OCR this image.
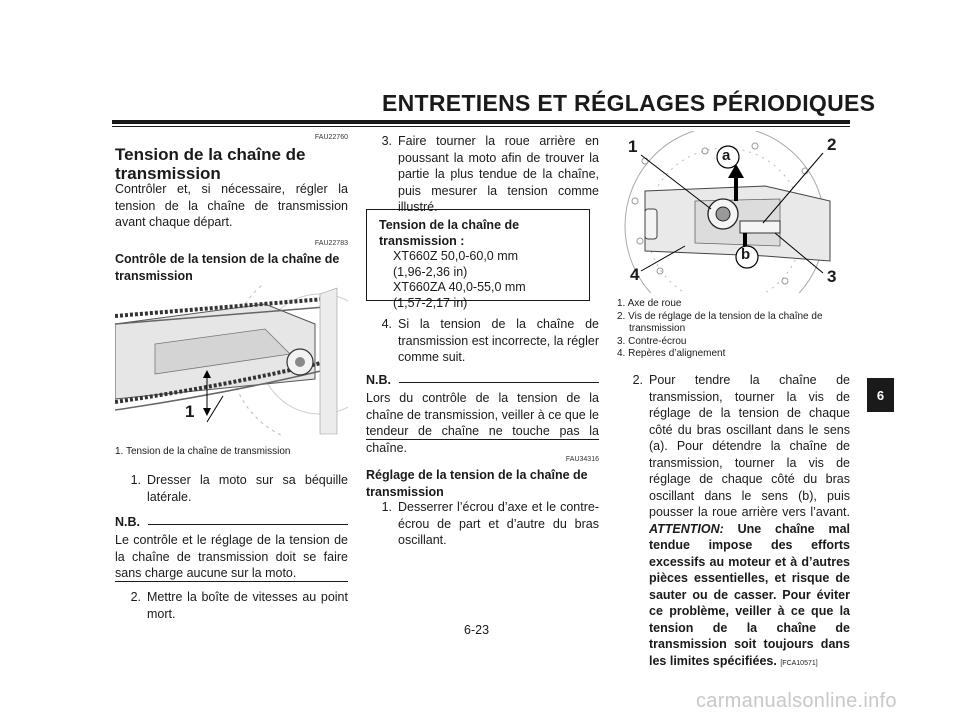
ENTRETIENS ET RÉGLAGES PÉRIODIQUES
6
FAU22760
Tension de la chaîne de transmission
Contrôler et, si nécessaire, régler la tension de la chaîne de transmission avant chaque départ.
FAU22783
Contrôle de la tension de la chaîne de transmission
1
1. Tension de la chaîne de transmission
1. Dresser la moto sur sa béquille latérale.
N.B.
Le contrôle et le réglage de la tension de la chaîne de transmission doit se faire sans charge aucune sur la moto.
2. Mettre la boîte de vitesses au point mort.
3. Faire tourner la roue arrière en poussant la moto afin de trouver la partie la plus tendue de la chaîne, puis mesurer la tension comme illustré.
Tension de la chaîne de transmission :
XT660Z 50,0-60,0 mm
(1,96-2,36 in)
XT660ZA 40,0-55,0 mm
(1,57-2,17 in)
4. Si la tension de la chaîne de transmission est incorrecte, la régler comme suit.
N.B.
Lors du contrôle de la tension de la chaîne de transmission, veiller à ce que le tendeur de chaîne ne touche pas la chaîne.
FAU34316
Réglage de la tension de la chaîne de transmission
1. Desserrer l’écrou d’axe et le contre-écrou de part et d’autre du bras oscillant.
1	2
3
4
a
b
1. Axe de roue
2. Vis de réglage de la tension de la chaîne de transmission
3. Contre-écrou
4. Repères d’alignement
2. Pour tendre la chaîne de transmission, tourner la vis de réglage de la tension de chaque côté du bras oscillant dans le sens (a). Pour détendre la chaîne de transmission, tourner la vis de réglage de chaque côté du bras oscillant dans le sens (b), puis pousser la roue arrière vers l’avant. ATTENTION: Une chaîne mal tendue impose des efforts excessifs au moteur et à d’autres pièces essentielles, et risque de sauter ou de casser. Pour éviter ce problème, veiller à ce que la tension de la chaîne de transmission soit toujours dans les limites spécifiées. [FCA10571]
6-23
carmanualsonline.info
